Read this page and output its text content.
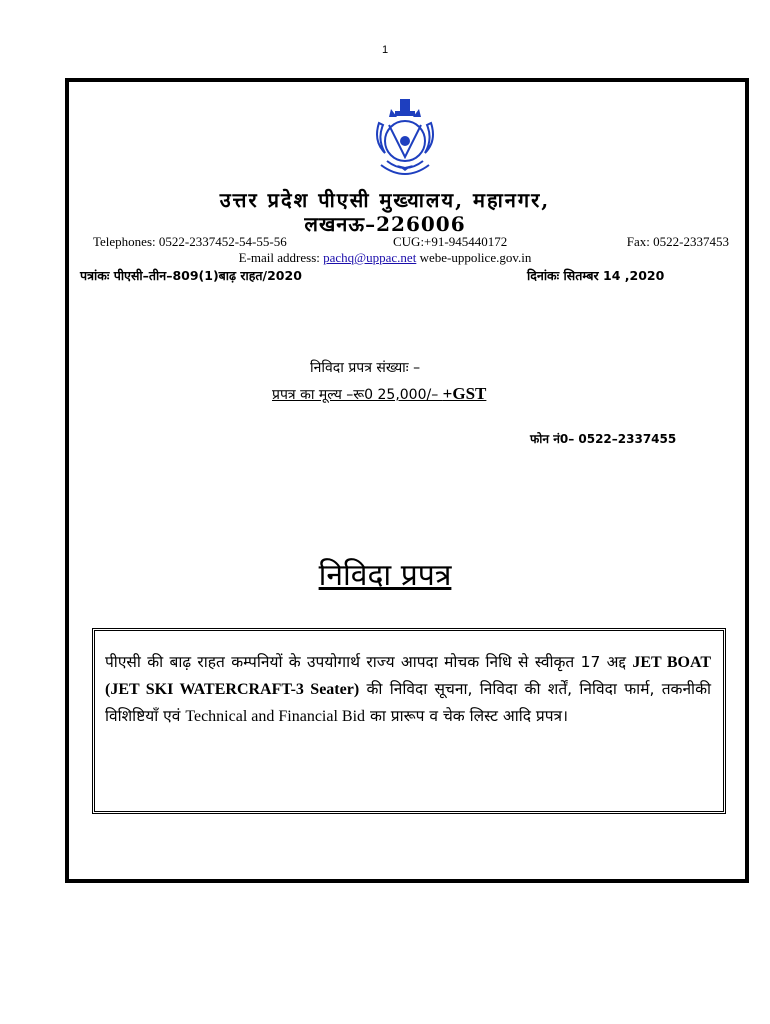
1
उत्तर प्रदेश पीएसी मुख्यालय, महानगर,
लखनऊ–226006
Telephones: 0522-2337452-54-55-56	CUG:+91-945440172	Fax: 0522-2337453
E-mail address: pachq@uppac.net webe-uppolice.gov.in
पत्रांकः पीएसी–तीन–809(1)बाढ़ राहत/2020	दिनांकः सितम्बर 14 ,2020
निविदा प्रपत्र संख्याः –
प्रपत्र का मूल्य –रू0 25,000/– +GST
फोन नं0– 0522–2337455
निविदा प्रपत्र

पीएसी की बाढ़ राहत कम्पनियों के उपयोगार्थ राज्य आपदा मोचक निधि से स्वीकृत 17 अद्द JET BOAT (JET SKI WATERCRAFT-3 Seater) की निविदा सूचना, निविदा की शर्तें, निविदा फार्म, तकनीकी विशिष्टियॉं एवं Technical and Financial Bid का प्रारूप व चेक लिस्ट आदि प्रपत्र।
